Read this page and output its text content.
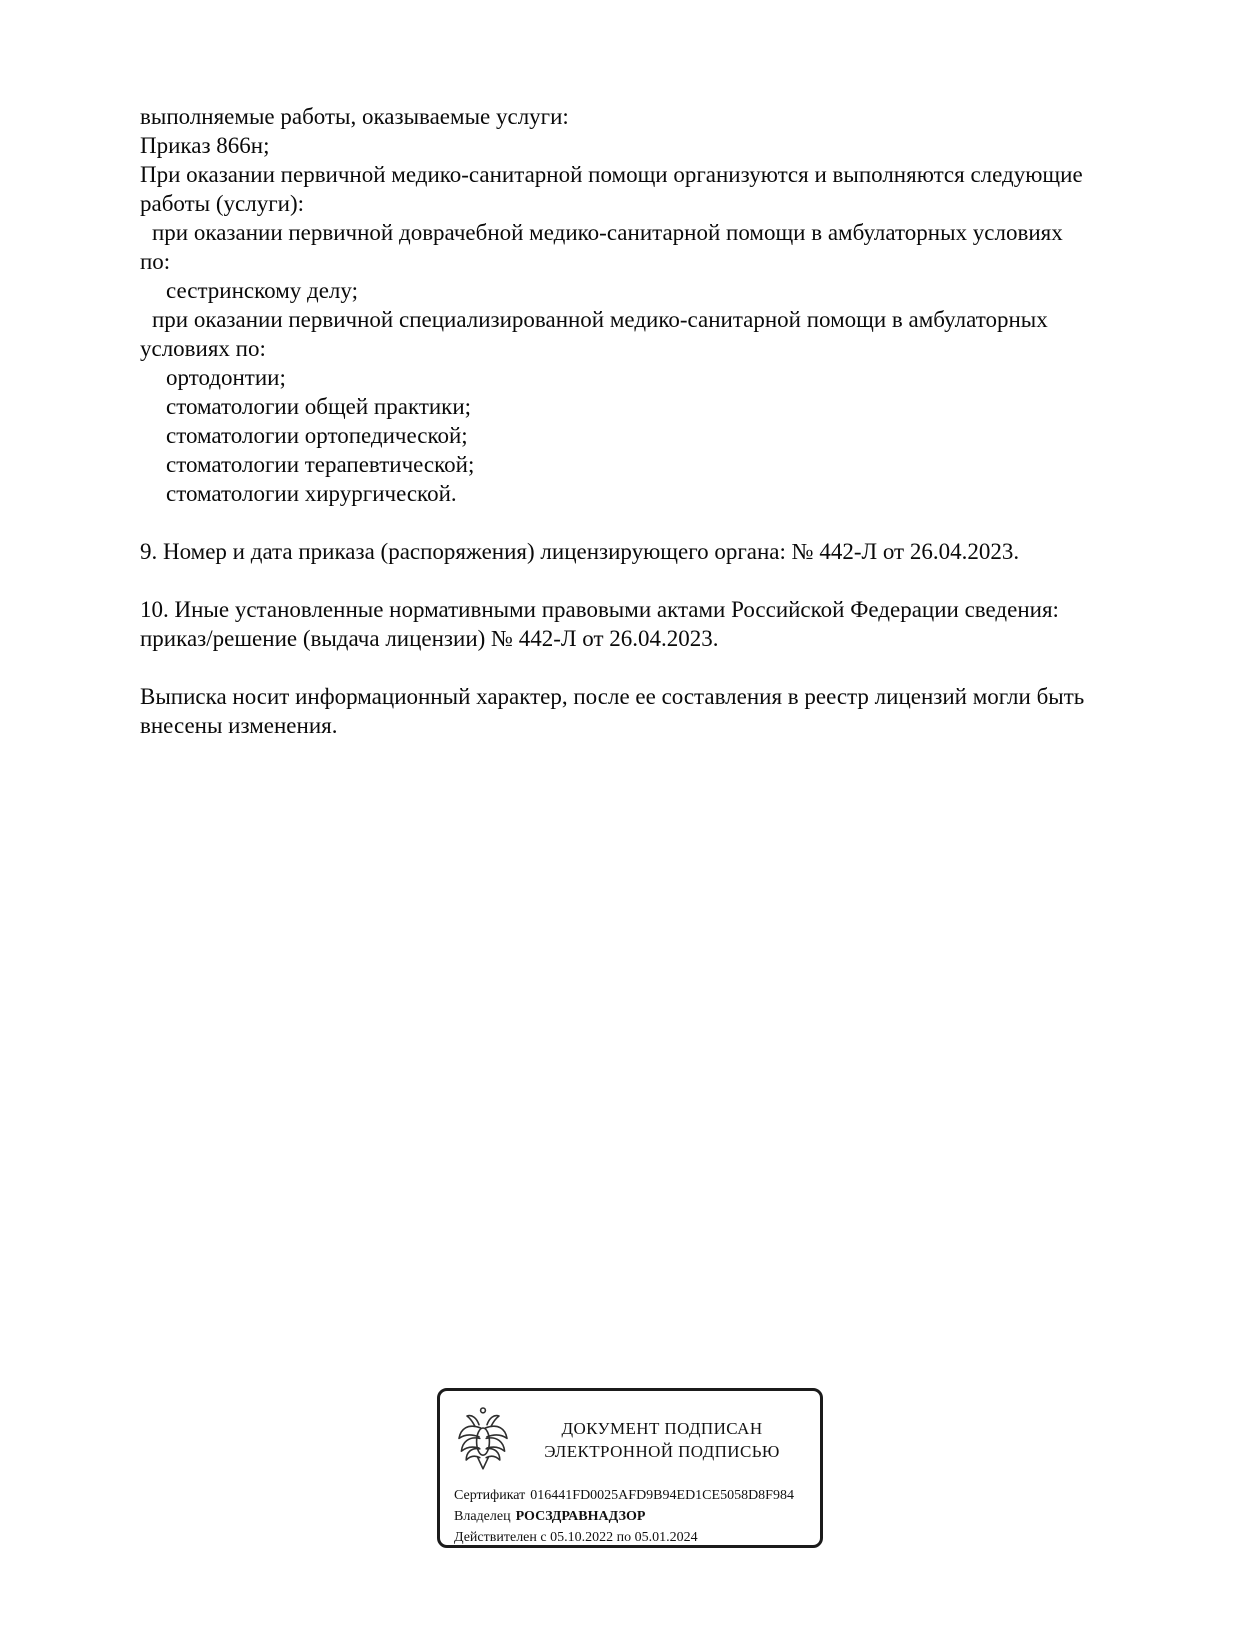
выполняемые работы, оказываемые услуги:
Приказ 866н;
При оказании первичной медико-санитарной помощи организуются и выполняются следующие
работы (услуги):
при оказании первичной доврачебной медико-санитарной помощи в амбулаторных условиях
по:
сестринскому делу;
при оказании первичной специализированной медико-санитарной помощи в амбулаторных
условиях по:
ортодонтии;
стоматологии общей практики;
стоматологии ортопедической;
стоматологии терапевтической;
стоматологии хирургической.

9. Номер и дата приказа (распоряжения) лицензирующего органа: № 442-Л от 26.04.2023.

10. Иные установленные нормативными правовыми актами Российской Федерации сведения:
приказ/решение (выдача лицензии) № 442-Л от 26.04.2023.

Выписка носит информационный характер, после ее составления в реестр лицензий могли быть
внесены изменения.
ДОКУМЕНТ ПОДПИСАН
ЭЛЕКТРОННОЙ ПОДПИСЬЮ
Сертификат 016441FD0025AFD9B94ED1CE5058D8F984
Владелец РОСЗДРАВНАДЗОР
Действителен с 05.10.2022 по 05.01.2024
